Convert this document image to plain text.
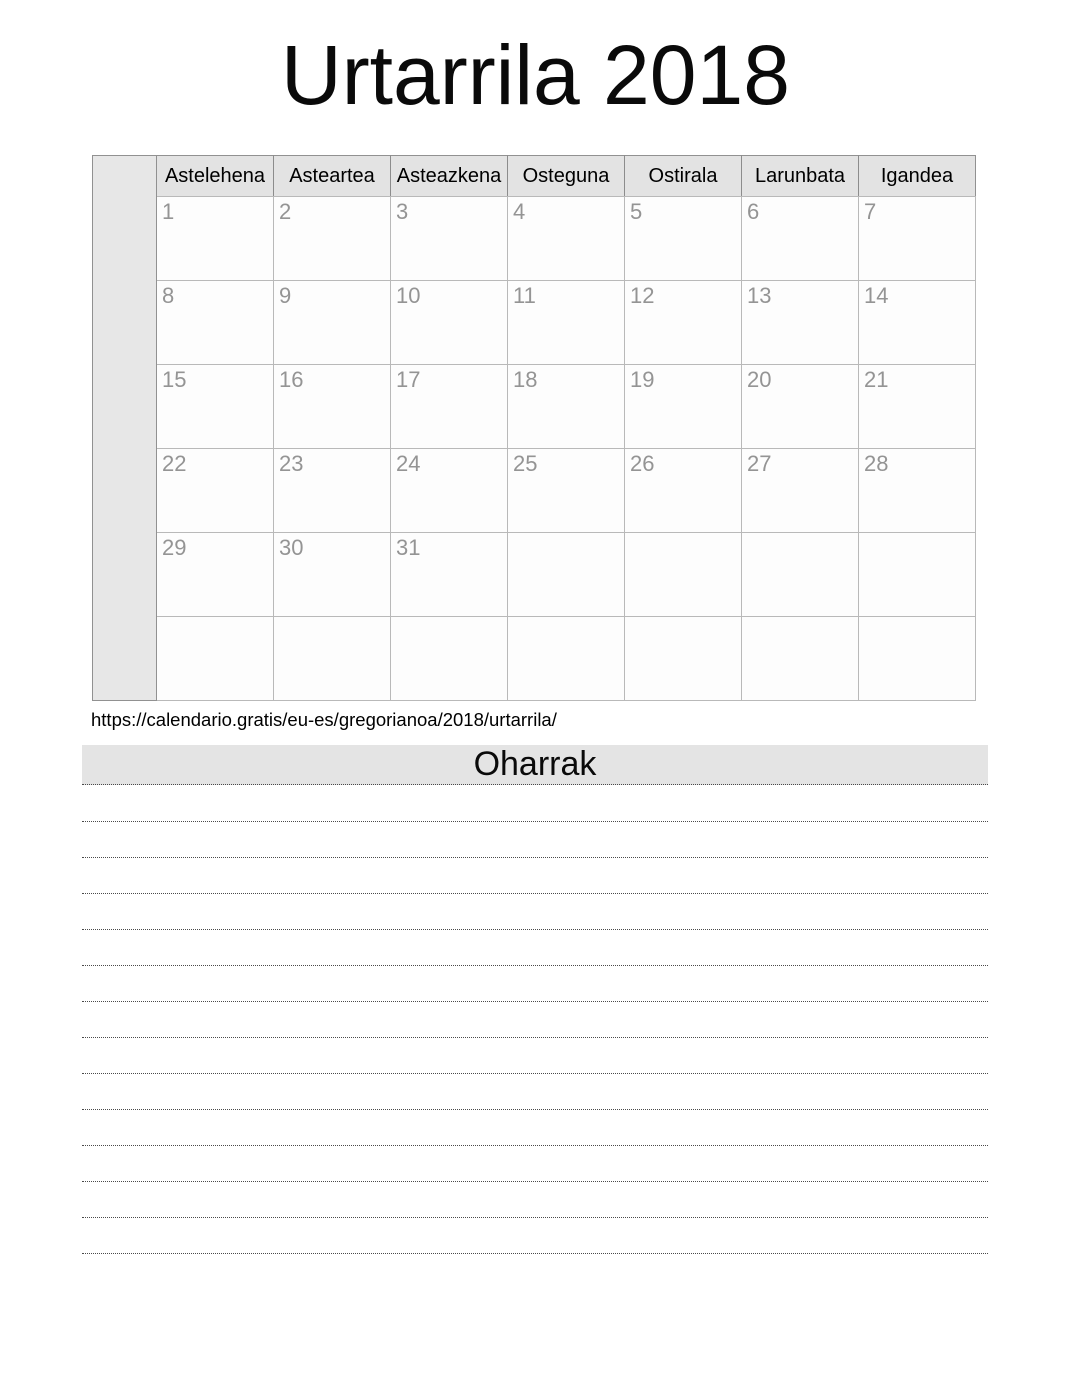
Urtarrila 2018
	Astelehena	Asteartea	Asteazkena	Osteguna	Ostirala	Larunbata	Igandea
	1	2	3	4	5	6	7
	8	9	10	11	12	13	14
	15	16	17	18	19	20	21
	22	23	24	25	26	27	28
	29	30	31				

https://calendario.gratis/eu-es/gregorianoa/2018/urtarrila/
Oharrak
